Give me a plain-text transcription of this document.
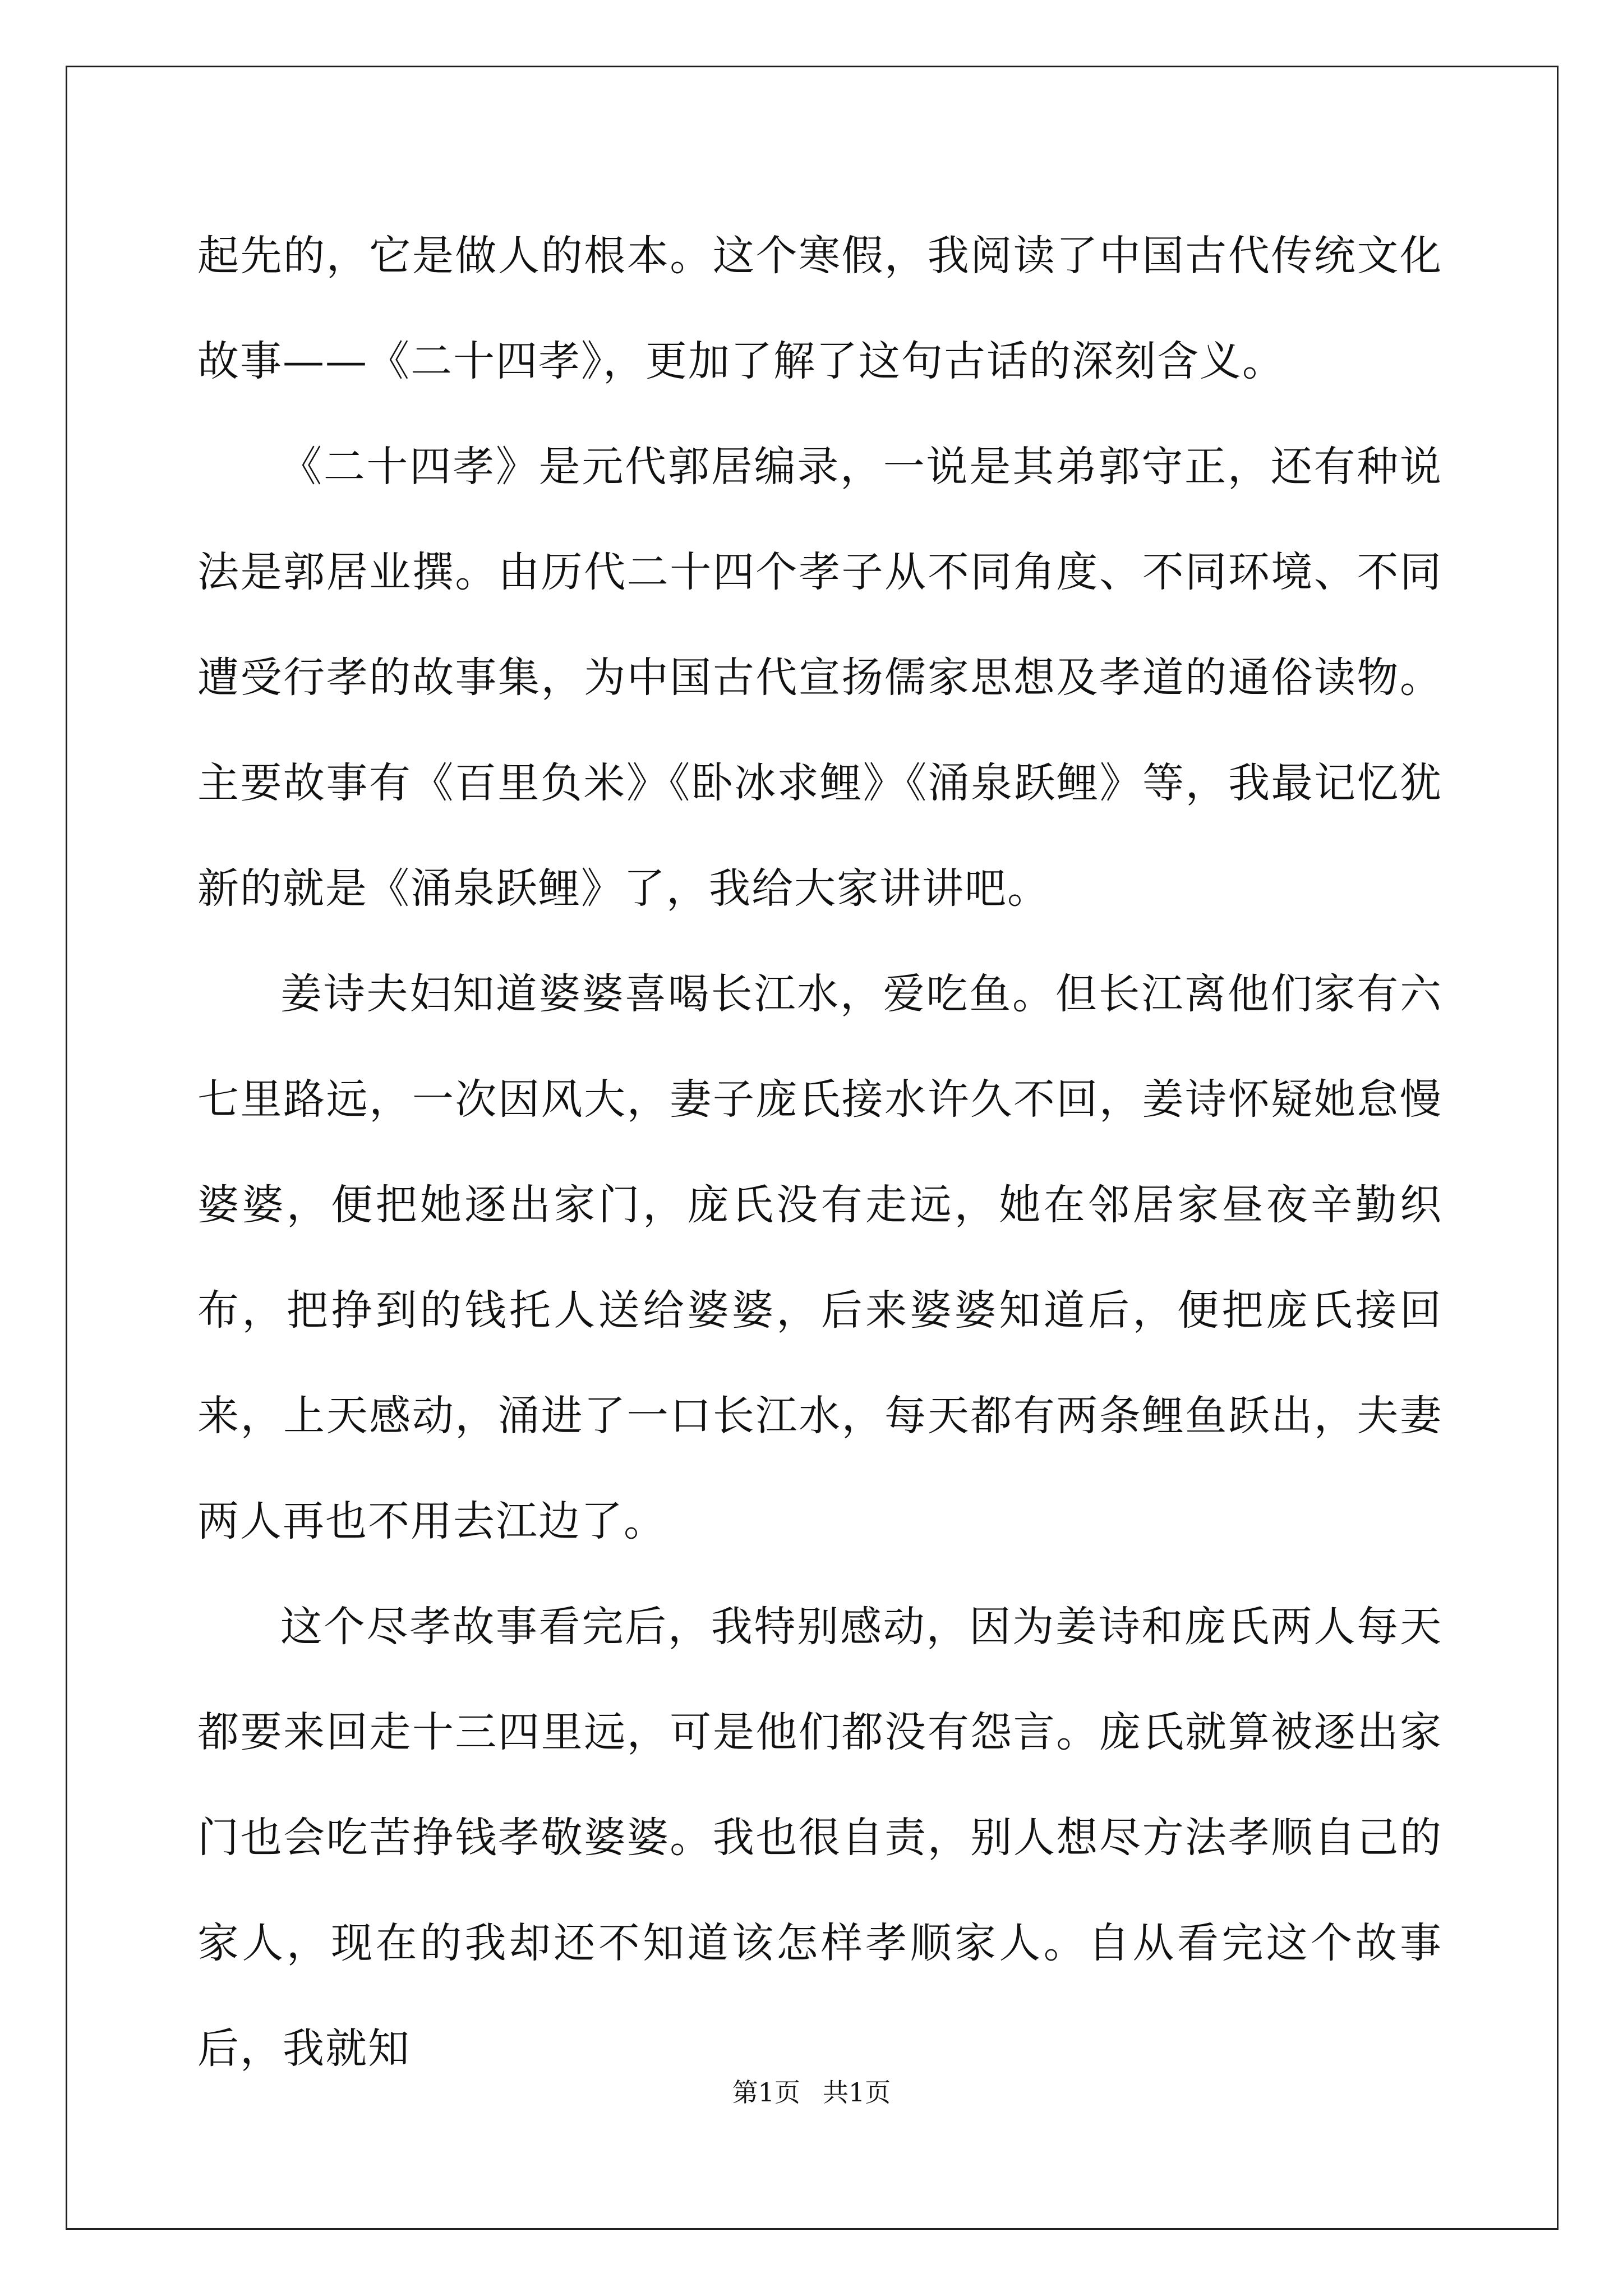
起先的，它是做人的根本。这个寒假，我阅读了中国古代传统文化故事——《二十四孝》，更加了解了这句古话的深刻含义。

《二十四孝》是元代郭居编录，一说是其弟郭守正，还有种说法是郭居业撰。由历代二十四个孝子从不同角度、不同环境、不同遭受行孝的故事集，为中国古代宣扬儒家思想及孝道的通俗读物。主要故事有《百里负米》《卧冰求鲤》《涌泉跃鲤》等，我最记忆犹新的就是《涌泉跃鲤》了，我给大家讲讲吧。

姜诗夫妇知道婆婆喜喝长江水，爱吃鱼。但长江离他们家有六七里路远，一次因风大，妻子庞氏接水许久不回，姜诗怀疑她怠慢婆婆，便把她逐出家门，庞氏没有走远，她在邻居家昼夜辛勤织布，把挣到的钱托人送给婆婆，后来婆婆知道后，便把庞氏接回来，上天感动，涌进了一口长江水，每天都有两条鲤鱼跃出，夫妻两人再也不用去江边了。

这个尽孝故事看完后，我特别感动，因为姜诗和庞氏两人每天都要来回走十三四里远，可是他们都没有怨言。庞氏就算被逐出家门也会吃苦挣钱孝敬婆婆。我也很自责，别人想尽方法孝顺自己的家人，现在的我却还不知道该怎样孝顺家人。自从看完这个故事后，我就知

第1页 共1页
